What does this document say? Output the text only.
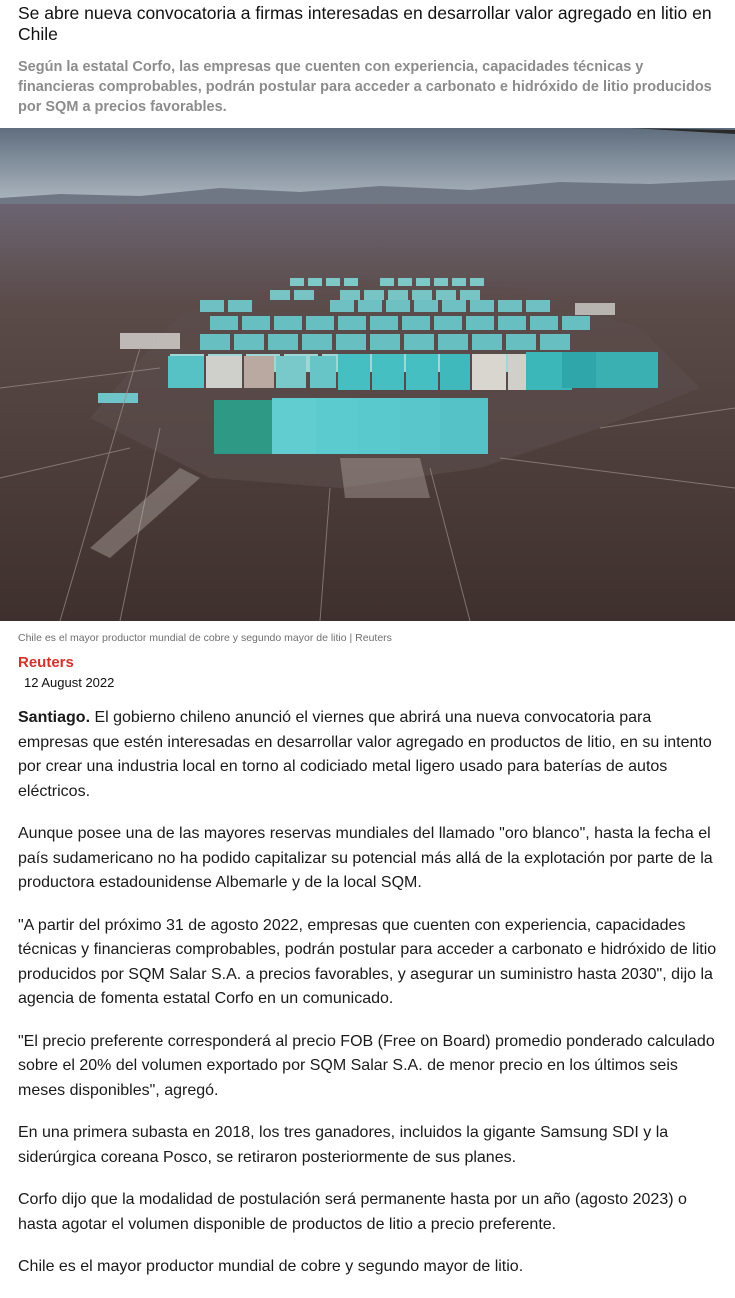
Se abre nueva convocatoria a firmas interesadas en desarrollar valor agregado en litio en Chile

Según la estatal Corfo, las empresas que cuenten con experiencia, capacidades técnicas y financieras comprobables, podrán postular para acceder a carbonato e hidróxido de litio producidos por SQM a precios favorables.

Chile es el mayor productor mundial de cobre y segundo mayor de litio | Reuters
Reuters
12 August 2022

Santiago. El gobierno chileno anunció el viernes que abrirá una nueva convocatoria para empresas que estén interesadas en desarrollar valor agregado en productos de litio, en su intento por crear una industria local en torno al codiciado metal ligero usado para baterías de autos eléctricos.

Aunque posee una de las mayores reservas mundiales del llamado "oro blanco", hasta la fecha el país sudamericano no ha podido capitalizar su potencial más allá de la explotación por parte de la productora estadounidense Albemarle y de la local SQM.

"A partir del próximo 31 de agosto 2022, empresas que cuenten con experiencia, capacidades técnicas y financieras comprobables, podrán postular para acceder a carbonato e hidróxido de litio producidos por SQM Salar S.A. a precios favorables, y asegurar un suministro hasta 2030", dijo la agencia de fomenta estatal Corfo en un comunicado.

"El precio preferente corresponderá al precio FOB (Free on Board) promedio ponderado calculado sobre el 20% del volumen exportado por SQM Salar S.A. de menor precio en los últimos seis meses disponibles", agregó.

En una primera subasta en 2018, los tres ganadores, incluidos la gigante Samsung SDI y la siderúrgica coreana Posco, se retiraron posteriormente de sus planes.

Corfo dijo que la modalidad de postulación será permanente hasta por un año (agosto 2023) o hasta agotar el volumen disponible de productos de litio a precio preferente.

Chile es el mayor productor mundial de cobre y segundo mayor de litio.
